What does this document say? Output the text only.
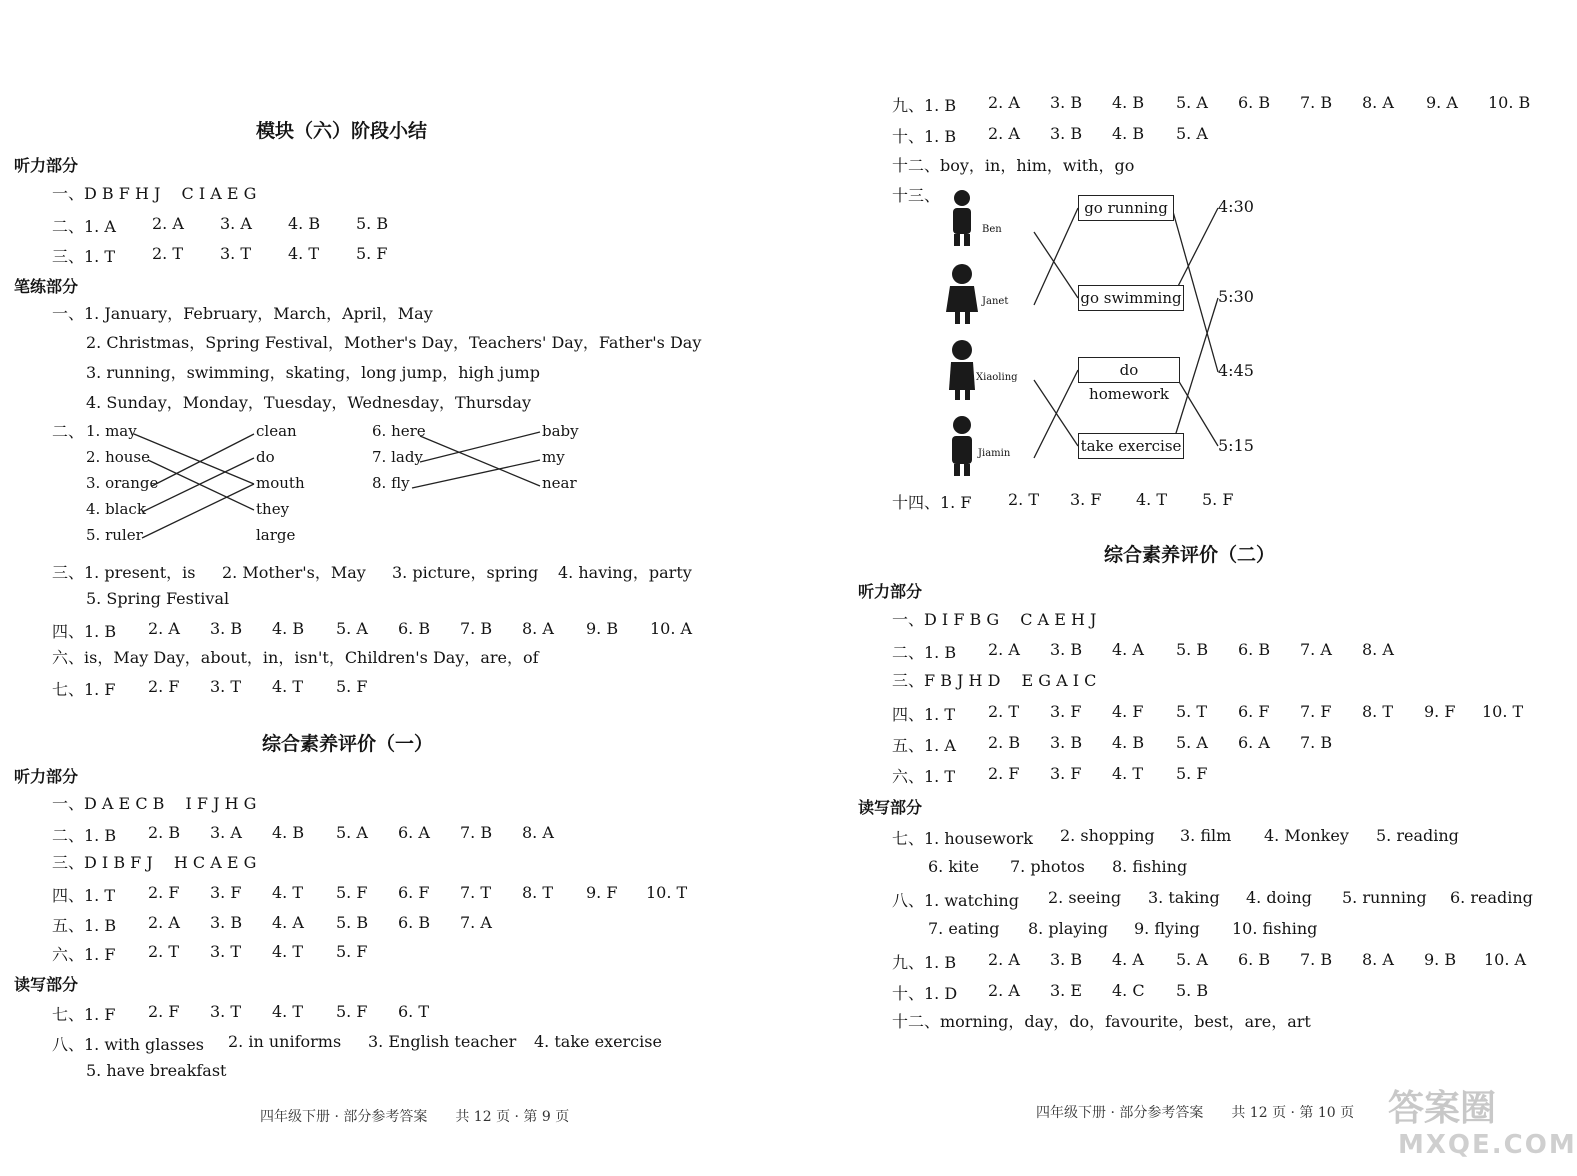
模块（六）阶段小结
听力部分
一、D B F H J　 C I A E G
二、1. A 2. A 3. A 4. B 5. B
三、1. T 2. T 3. T 4. T 5. F
笔练部分
一、1. January，February，March，April，May
2. Christmas，Spring Festival，Mother's Day，Teachers' Day，Father's Day
3. running，swimming，skating，long jump，high jump
4. Sunday，Monday，Tuesday，Wednesday，Thursday
二、 1. may
2. house
3. orange
4. black
5. ruler
clean
do
mouth
they
large
6. here
7. lady
8. fly
baby
my
near
三、1. present，is 2. Mother's，May 3. picture，spring 4. having，party
5. Spring Festival
四、1. B 2. A 3. B 4. B 5. A 6. B 7. B 8. A 9. B 10. A
六、is，May Day，about，in，isn't，Children's Day，are，of
七、1. F 2. F 3. T 4. T 5. F
综合素养评价（一）
听力部分
一、D A E C B　 I F J H G
二、1. B 2. B 3. A 4. B 5. A 6. A 7. B 8. A
三、D I B F J　 H C A E G
四、1. T 2. F 3. F 4. T 5. F 6. F 7. T 8. T 9. F 10. T
五、1. B 2. A 3. B 4. A 5. B 6. B 7. A
六、1. F 2. T 3. T 4. T 5. F
读写部分
七、1. F 2. F 3. T 4. T 5. F 6. T
八、1. with glasses 2. in uniforms 3. English teacher 4. take exercise
5. have breakfast
四年级下册 · 部分参考答案　　共 12 页 · 第 9 页
九、1. B 2. A 3. B 4. B 5. A 6. B 7. B 8. A 9. A 10. B
十、1. B 2. A 3. B 4. B 5. A
十二、boy，in，him，with，go
十三、
Ben
Janet
Xiaoling
Jiamin
go running
go swimming
do homework
take exercise
4:30
5:30
4:45
5:15
十四、1. F 2. T 3. F 4. T 5. F
综合素养评价（二）
听力部分
一、D I F B G　 C A E H J
二、1. B 2. A 3. B 4. A 5. B 6. B 7. A 8. A
三、F B J H D　 E G A I C
四、1. T 2. T 3. F 4. F 5. T 6. F 7. F 8. T 9. F 10. T
五、1. A 2. B 3. B 4. B 5. A 6. A 7. B
六、1. T 2. F 3. F 4. T 5. F
读写部分
七、1. housework 2. shopping 3. film 4. Monkey 5. reading
6. kite 7. photos 8. fishing
八、1. watching 2. seeing 3. taking 4. doing 5. running 6. reading
7. eating 8. playing 9. flying 10. fishing
九、1. B 2. A 3. B 4. A 5. A 6. B 7. B 8. A 9. B 10. A
十、1. D 2. A 3. E 4. C 5. B
十二、morning，day，do，favourite，best，are，art
四年级下册 · 部分参考答案　　共 12 页 · 第 10 页 答案圈
MXQE.COM
